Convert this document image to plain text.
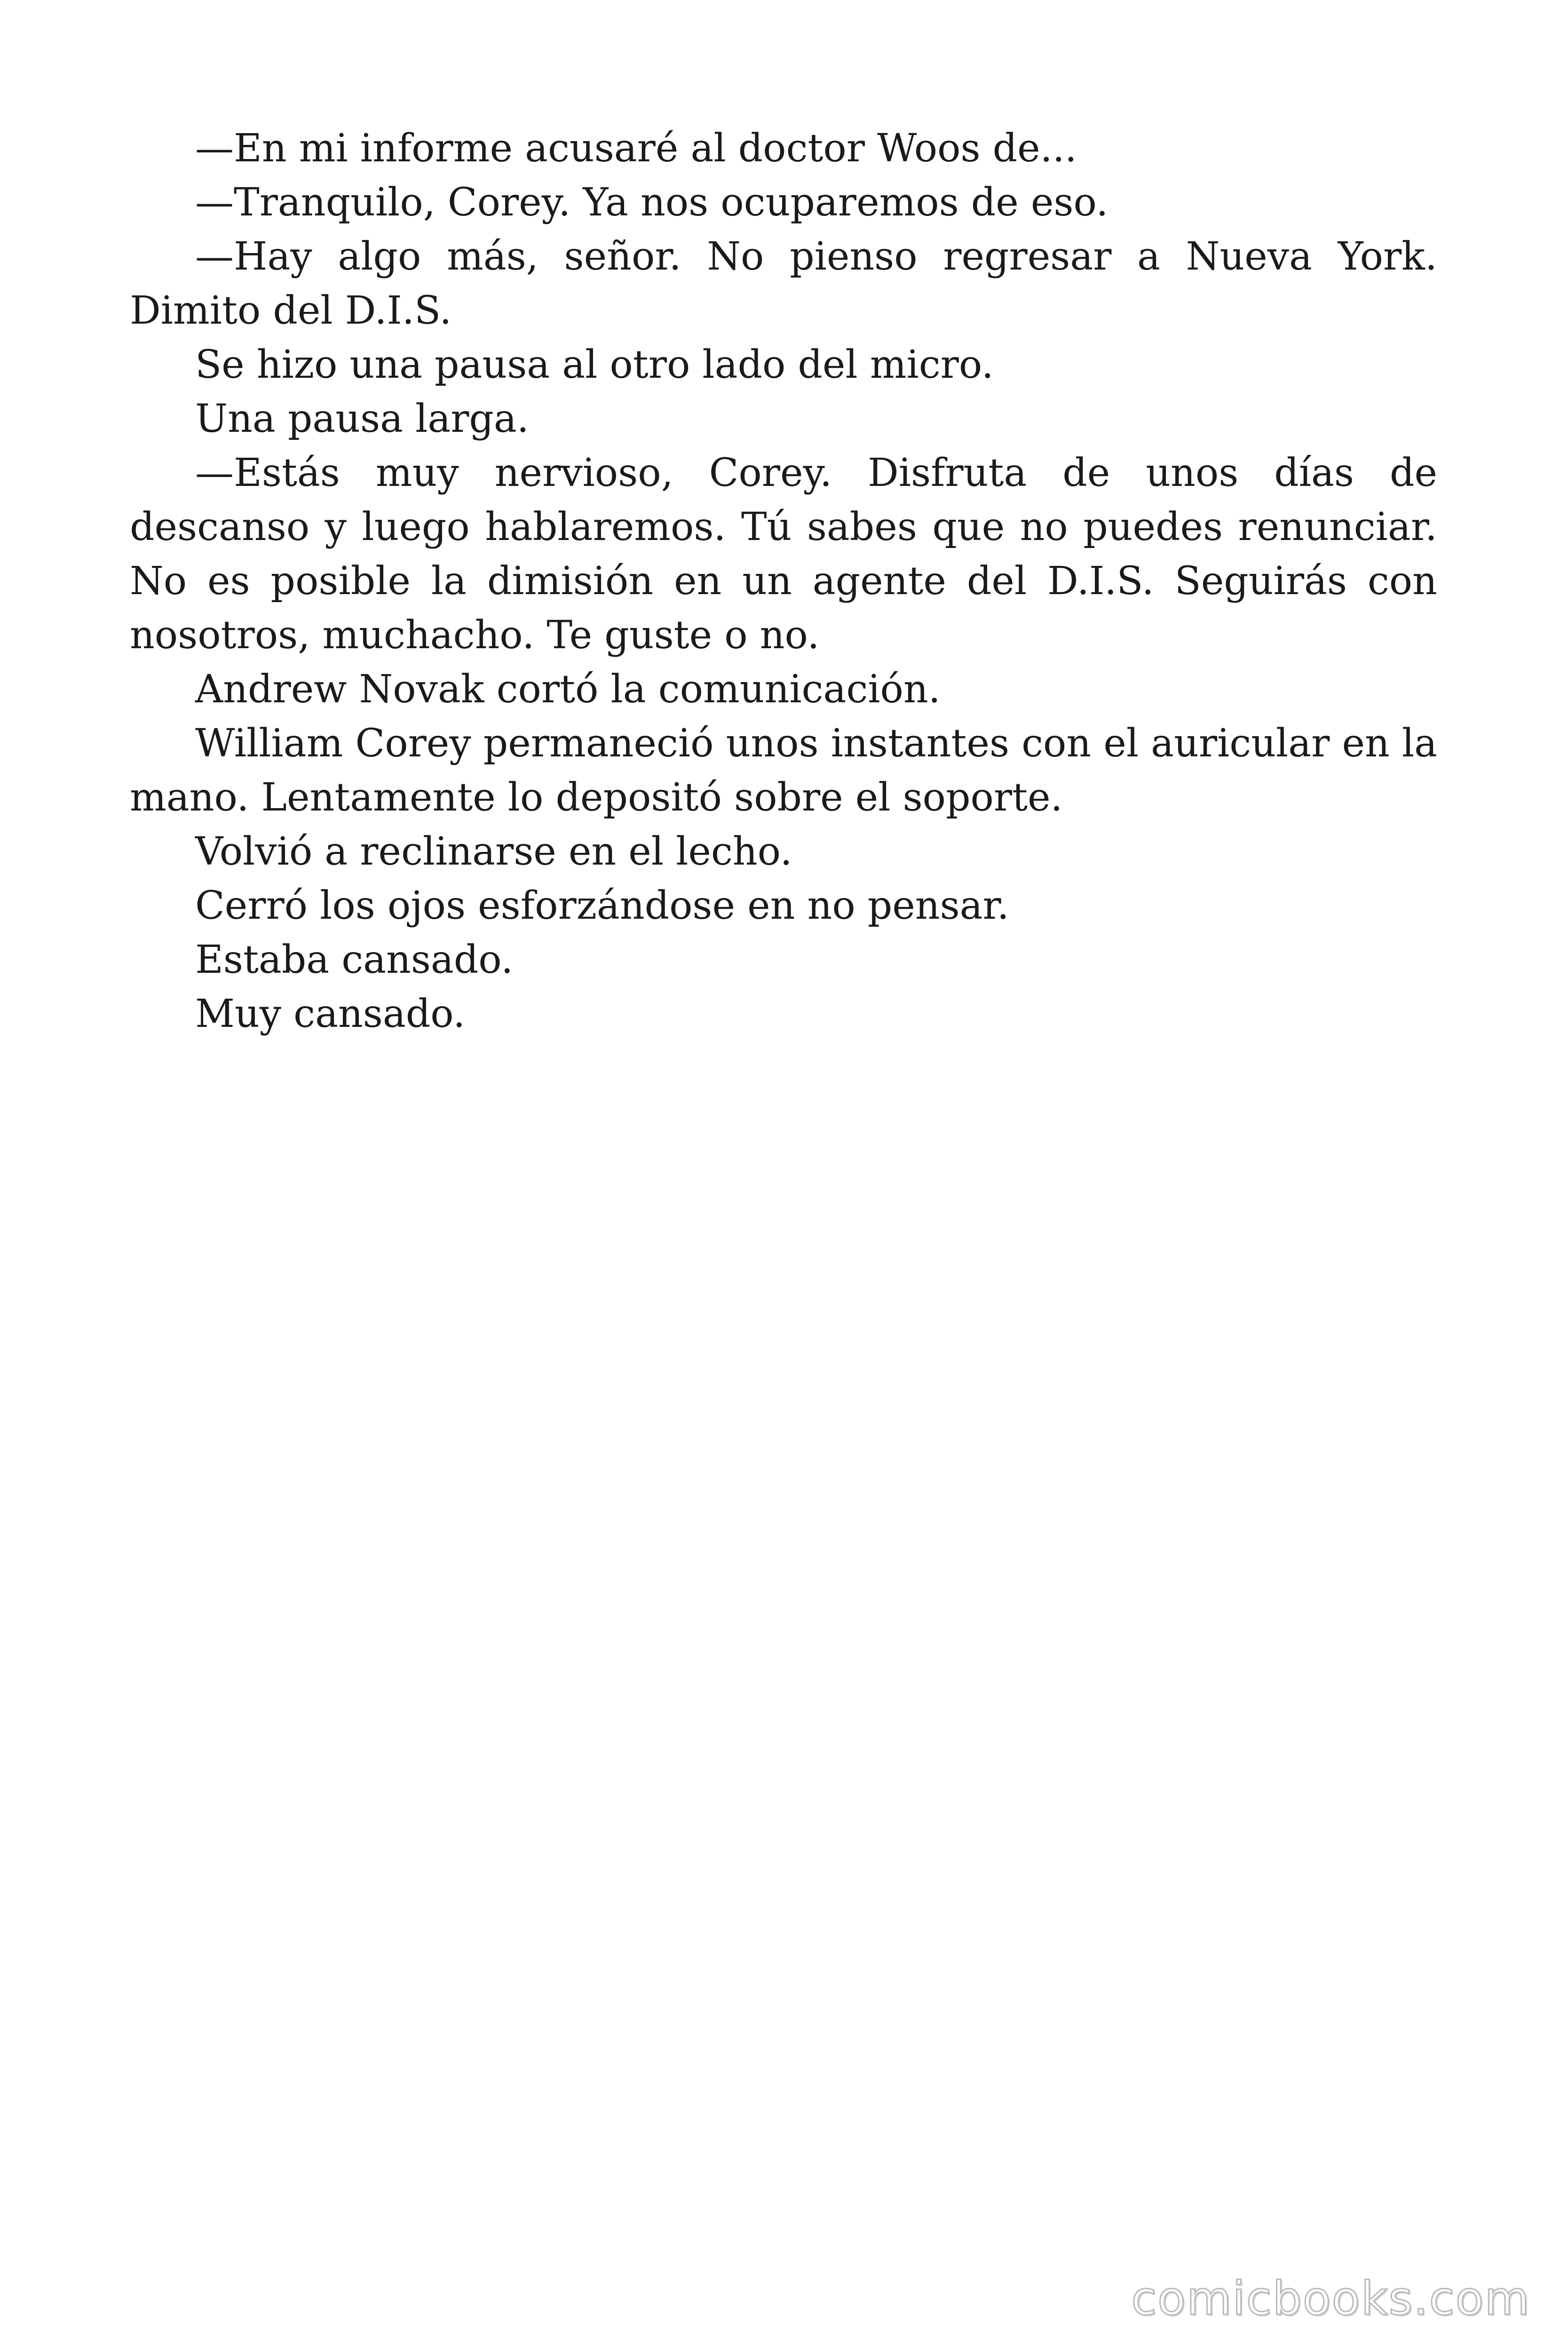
—En mi informe acusaré al doctor Woos de...

—Tranquilo, Corey. Ya nos ocuparemos de eso.

—Hay algo más, señor. No pienso regresar a Nueva York. Dimito del D.I.S.

Se hizo una pausa al otro lado del micro.

Una pausa larga.

—Estás muy nervioso, Corey. Disfruta de unos días de descanso y luego hablaremos. Tú sabes que no puedes renunciar. No es posible la dimisión en un agente del D.I.S. Seguirás con nosotros, muchacho. Te guste o no.

Andrew Novak cortó la comunicación.

William Corey permaneció unos instantes con el auricular en la mano. Lentamente lo depositó sobre el soporte.

Volvió a reclinarse en el lecho.

Cerró los ojos esforzándose en no pensar.

Estaba cansado.

Muy cansado.

comicbooks.com
